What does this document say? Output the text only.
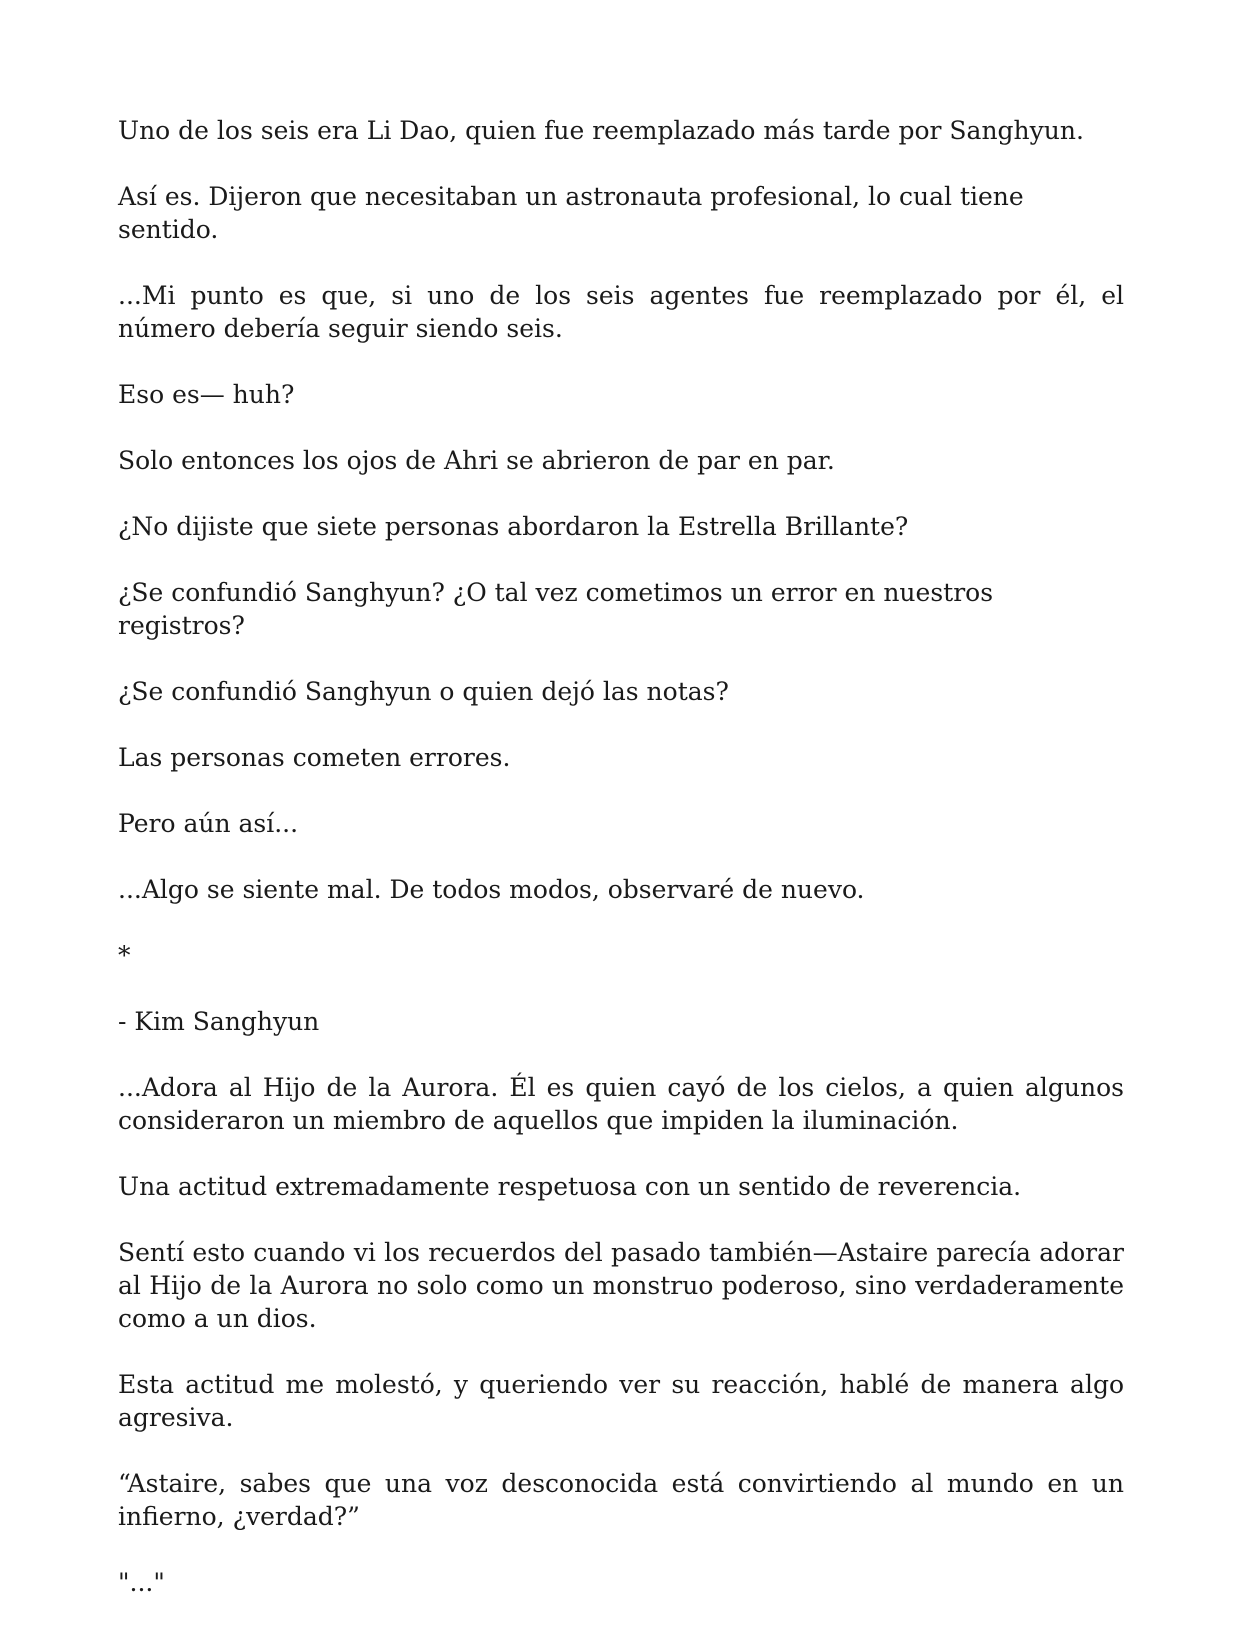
Uno de los seis era Li Dao, quien fue reemplazado más tarde por Sanghyun.

Así es. Dijeron que necesitaban un astronauta profesional, lo cual tiene sentido.

...Mi punto es que, si uno de los seis agentes fue reemplazado por él, el número debería seguir siendo seis.

Eso es— huh?

Solo entonces los ojos de Ahri se abrieron de par en par.

¿No dijiste que siete personas abordaron la Estrella Brillante?

¿Se confundió Sanghyun? ¿O tal vez cometimos un error en nuestros registros?

¿Se confundió Sanghyun o quien dejó las notas?

Las personas cometen errores.

Pero aún así...

...Algo se siente mal. De todos modos, observaré de nuevo.

*

- Kim Sanghyun

...Adora al Hijo de la Aurora. Él es quien cayó de los cielos, a quien algunos consideraron un miembro de aquellos que impiden la iluminación.

Una actitud extremadamente respetuosa con un sentido de reverencia.

Sentí esto cuando vi los recuerdos del pasado también—Astaire parecía adorar al Hijo de la Aurora no solo como un monstruo poderoso, sino verdaderamente como a un dios.

Esta actitud me molestó, y queriendo ver su reacción, hablé de manera algo agresiva.

“Astaire, sabes que una voz desconocida está convirtiendo al mundo en un infierno, ¿verdad?”

"..."
